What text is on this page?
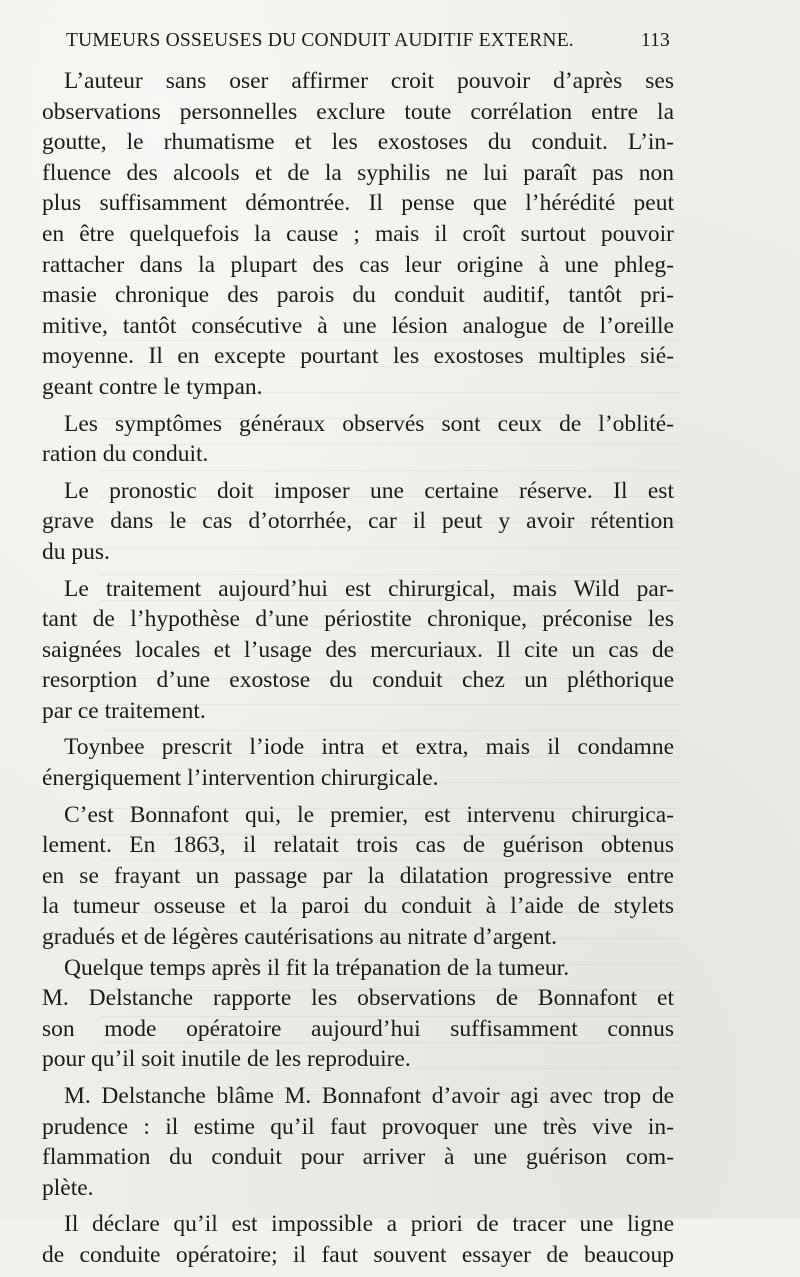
TUMEURS OSSEUSES DU CONDUIT AUDITIF EXTERNE.	113

L’auteur sans oser affirmer croit pouvoir d’après ses
observations personnelles exclure toute corrélation entre la
goutte, le rhumatisme et les exostoses du conduit. L’in-
fluence des alcools et de la syphilis ne lui paraît pas non
plus suffisamment démontrée. Il pense que l’hérédité peut
en être quelquefois la cause ; mais il croît surtout pouvoir
rattacher dans la plupart des cas leur origine à une phleg-
masie chronique des parois du conduit auditif, tantôt pri-
mitive, tantôt consécutive à une lésion analogue de l’oreille
moyenne. Il en excepte pourtant les exostoses multiples sié-
geant contre le tympan.

Les symptômes généraux observés sont ceux de l’oblité-
ration du conduit.

Le pronostic doit imposer une certaine réserve. Il est
grave dans le cas d’otorrhée, car il peut y avoir rétention
du pus.

Le traitement aujourd’hui est chirurgical, mais Wild par-
tant de l’hypothèse d’une périostite chronique, préconise les
saignées locales et l’usage des mercuriaux. Il cite un cas de
resorption d’une exostose du conduit chez un pléthorique
par ce traitement.

Toynbee prescrit l’iode intra et extra, mais il condamne
énergiquement l’intervention chirurgicale.

C’est Bonnafont qui, le premier, est intervenu chirurgica-
lement. En 1863, il relatait trois cas de guérison obtenus
en se frayant un passage par la dilatation progressive entre
la tumeur osseuse et la paroi du conduit à l’aide de stylets
gradués et de légères cautérisations au nitrate d’argent.
Quelque temps après il fit la trépanation de la tumeur.
M. Delstanche rapporte les observations de Bonnafont et
son mode opératoire aujourd’hui suffisamment connus
pour qu’il soit inutile de les reproduire.

M. Delstanche blâme M. Bonnafont d’avoir agi avec trop de
prudence : il estime qu’il faut provoquer une très vive in-
flammation du conduit pour arriver à une guérison com-
plète.

Il déclare qu’il est impossible a priori de tracer une ligne
de conduite opératoire; il faut souvent essayer de beaucoup
